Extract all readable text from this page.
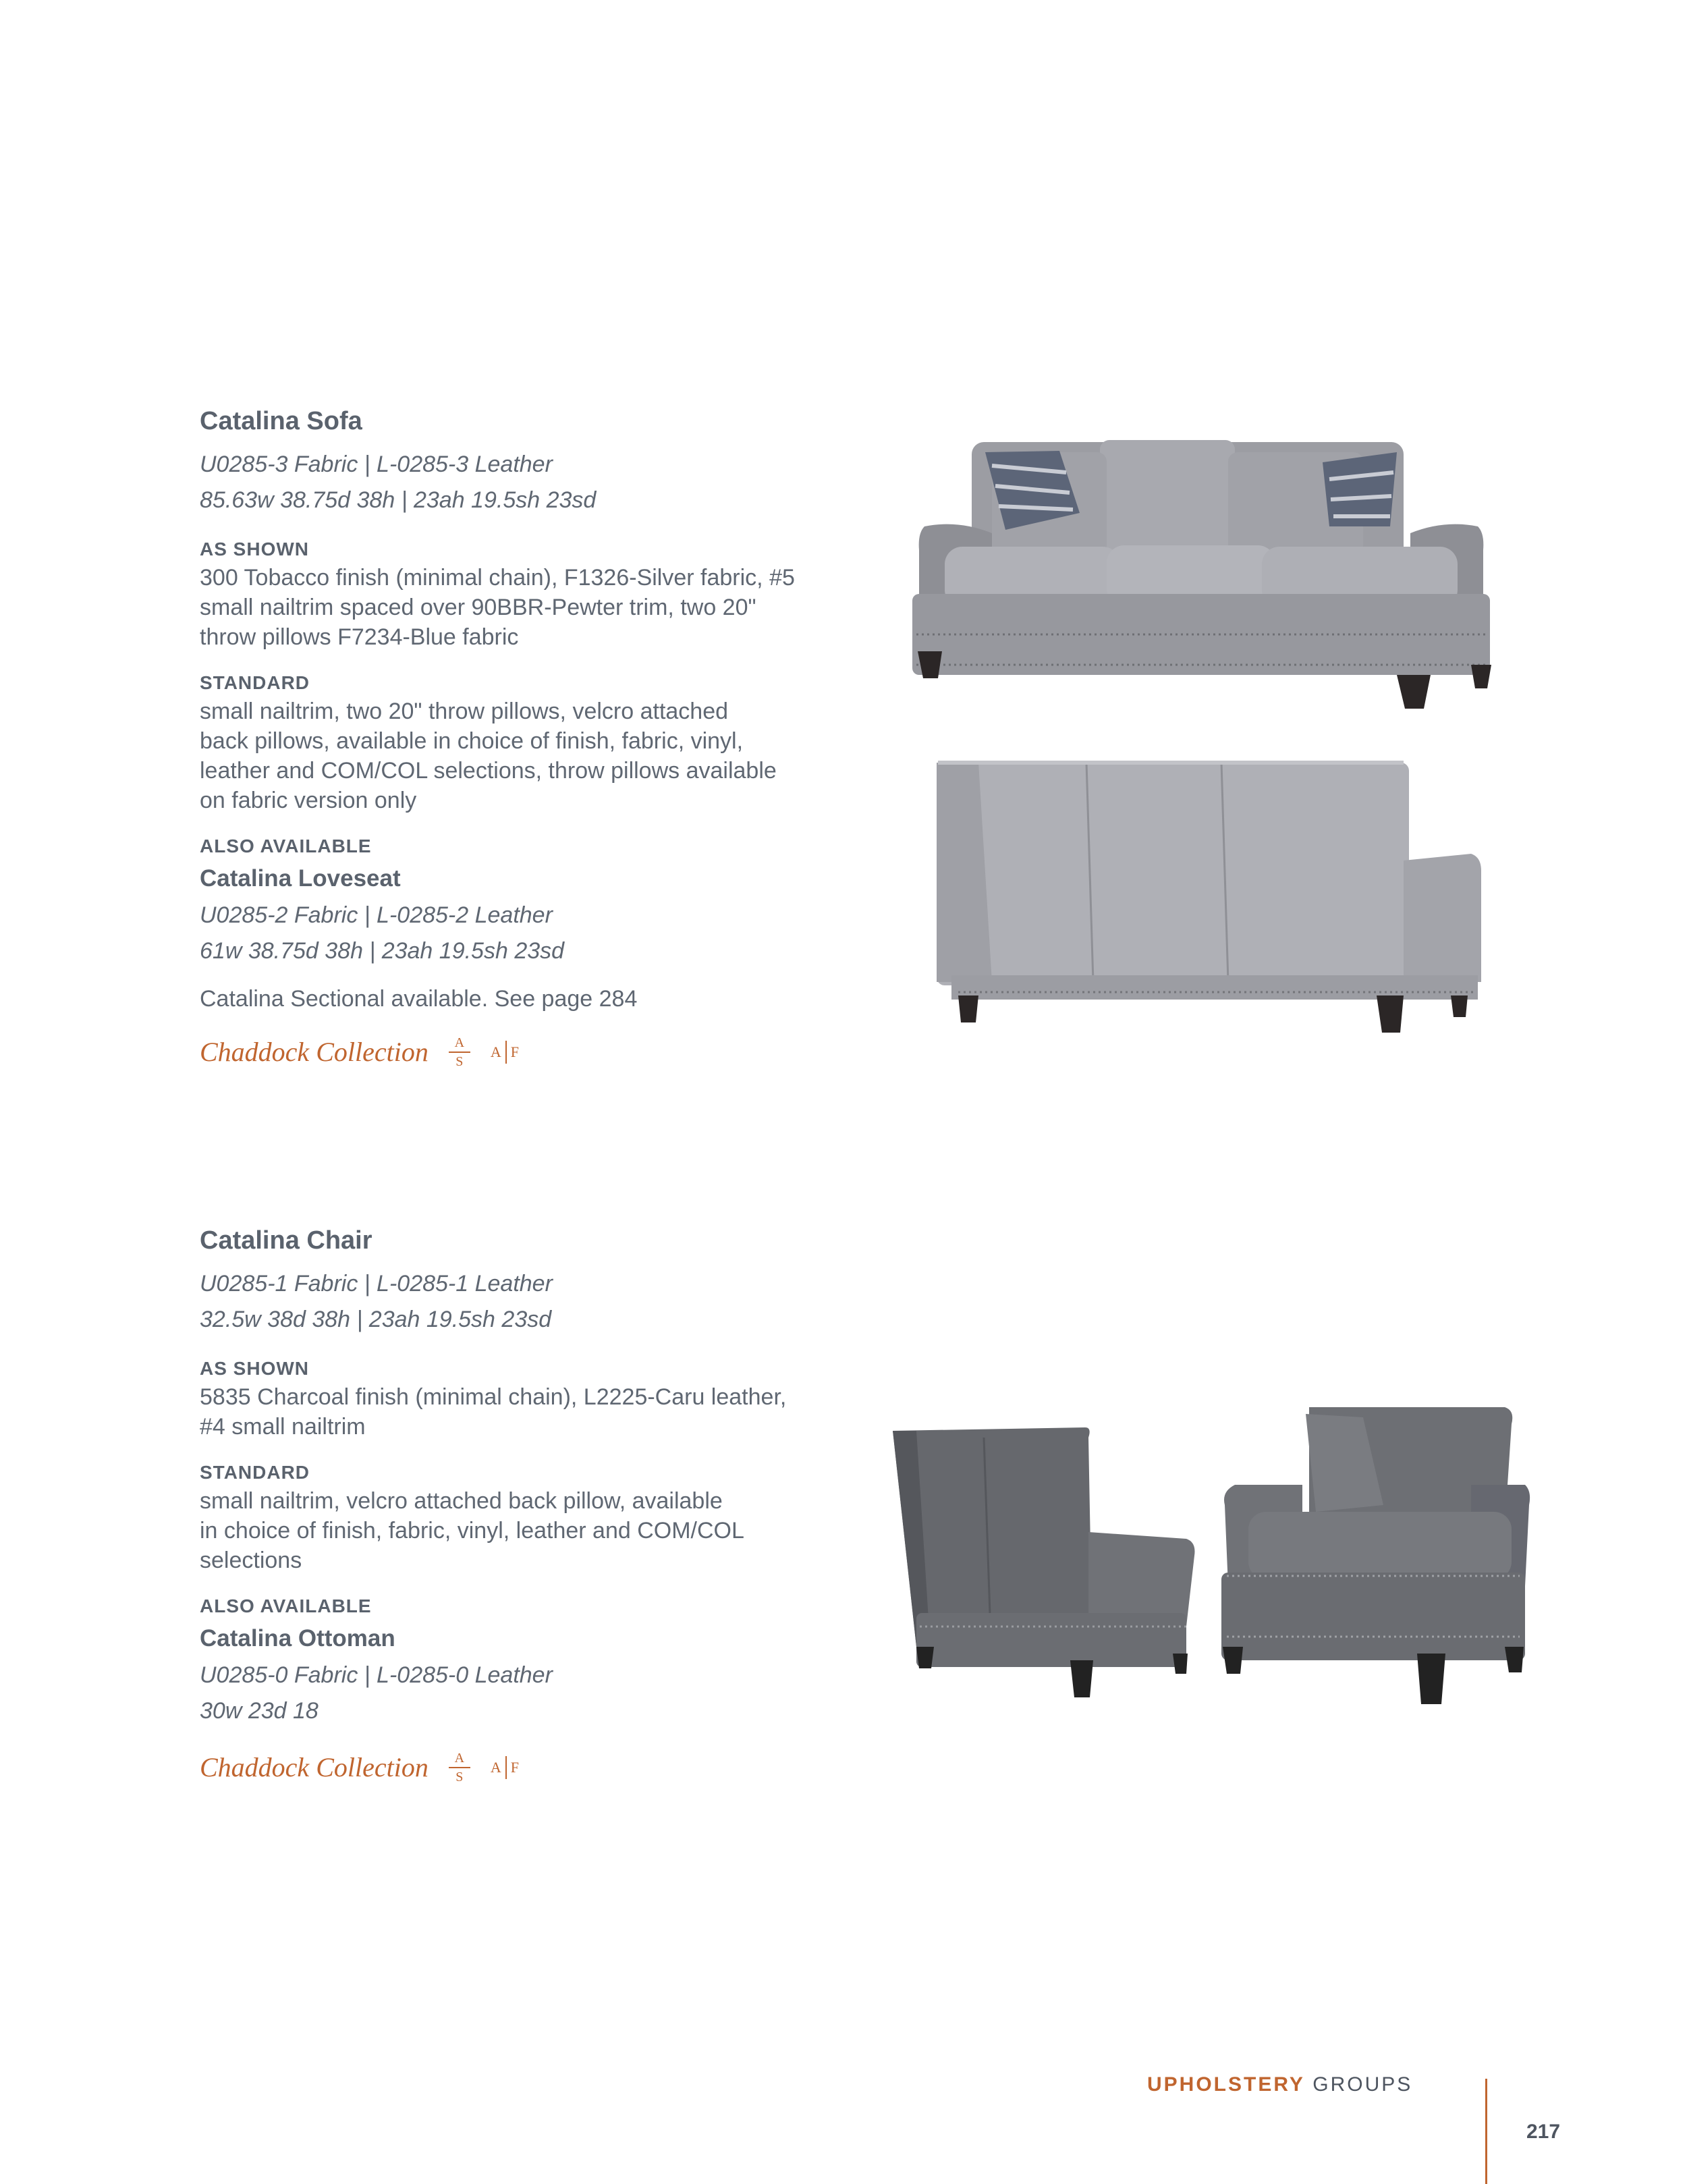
Catalina Sofa
U0285-3 Fabric | L-0285-3 Leather
85.63w 38.75d 38h | 23ah 19.5sh 23sd
AS SHOWN
300 Tobacco finish (minimal chain), F1326-Silver fabric, #5
small nailtrim spaced over 90BBR-Pewter trim, two 20"
throw pillows F7234-Blue fabric
STANDARD
small nailtrim, two 20" throw pillows, velcro attached
back pillows, available in choice of finish, fabric, vinyl,
leather and COM/COL selections, throw pillows available
on fabric version only
ALSO AVAILABLE
Catalina Loveseat
U0285-2 Fabric | L-0285-2 Leather
61w 38.75d 38h | 23ah 19.5sh 23sd
Catalina Sectional available. See page 284
Chaddock Collection A
S
A F
Catalina Chair
U0285-1 Fabric | L-0285-1 Leather
32.5w 38d 38h | 23ah 19.5sh 23sd
AS SHOWN
5835 Charcoal finish (minimal chain), L2225-Caru leather,
#4 small nailtrim
STANDARD
small nailtrim, velcro attached back pillow, available
in choice of finish, fabric, vinyl, leather and COM/COL
selections
ALSO AVAILABLE
Catalina Ottoman
U0285-0 Fabric | L-0285-0 Leather
30w 23d 18
Chaddock Collection A
S
A F
UPHOLSTERY GROUPS
217
